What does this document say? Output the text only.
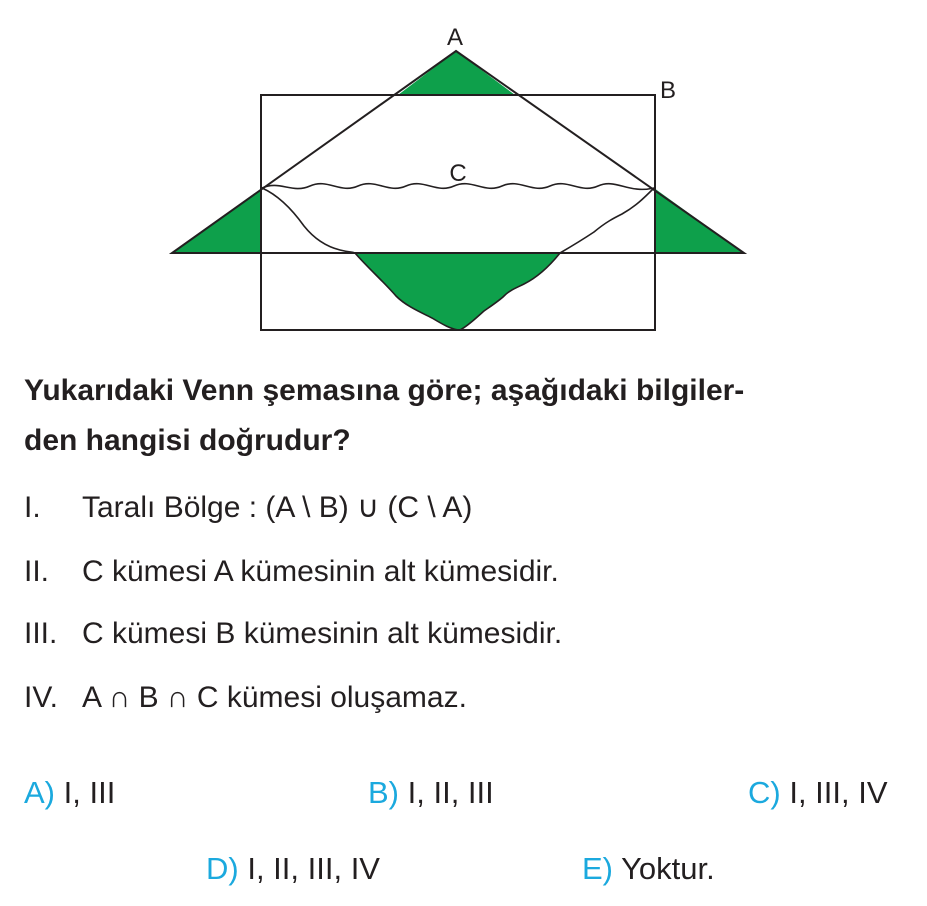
A
B
C
Yukarıdaki Venn şemasına göre; aşağıdaki bilgiler-
den hangisi doğrudur?
I. Taralı Bölge : (A \ B) ∪ (C \ A)
II. C kümesi A kümesinin alt kümesidir.
III. C kümesi B kümesinin alt kümesidir.
IV. A ∩ B ∩ C kümesi oluşamaz.
A) I, III	B) I, II, III	C) I, III, IV
D) I, II, III, IV	E) Yoktur.
